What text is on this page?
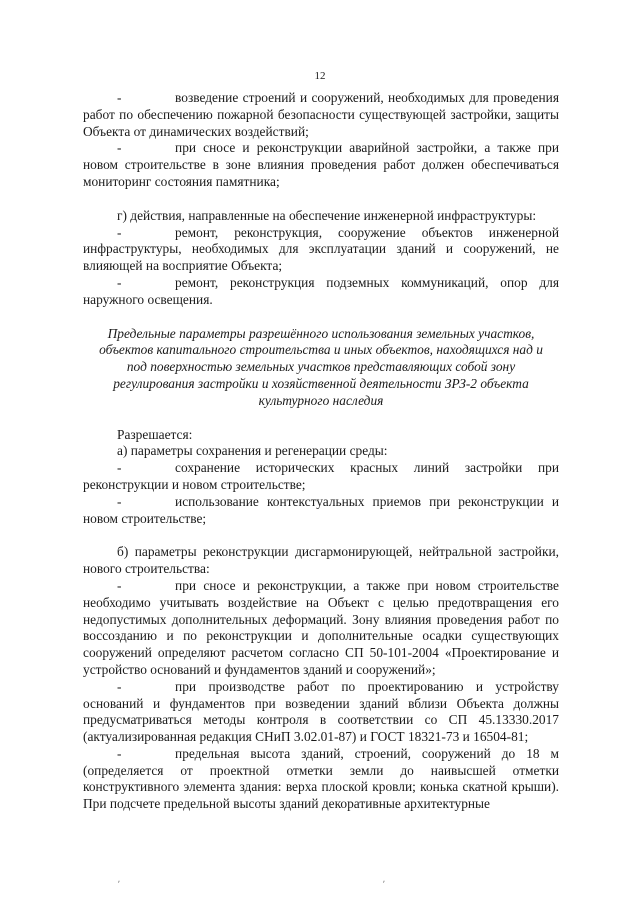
12

-    возведение строений и сооружений, необходимых для проведения работ по обеспечению пожарной безопасности существующей застройки, защиты Объекта от динамических воздействий;

-    при сносе и реконструкции аварийной застройки, а также при новом строительстве в зоне влияния проведения работ должен обеспечиваться мониторинг состояния памятника;

г) действия, направленные на обеспечение инженерной инфраструктуры:

-    ремонт, реконструкция, сооружение объектов инженерной инфраструктуры, необходимых для эксплуатации зданий и сооружений, не влияющей на восприятие Объекта;

-    ремонт, реконструкция подземных коммуникаций, опор для наружного освещения.

Предельные параметры разрешённого использования земельных участков, объектов капитального строительства и иных объектов, находящихся над и под поверхностью земельных участков представляющих собой зону регулирования застройки и хозяйственной деятельности ЗРЗ-2 объекта культурного наследия

Разрешается:

а) параметры сохранения и регенерации среды:

-    сохранение исторических красных линий застройки при реконструкции и новом строительстве;

-    использование контекстуальных приемов при реконструкции и новом строительстве;

б) параметры реконструкции дисгармонирующей, нейтральной застройки, нового строительства:

-    при сносе и реконструкции, а также при новом строительстве необходимо учитывать воздействие на Объект с целью предотвращения его недопустимых дополнительных деформаций. Зону влияния проведения работ по воссозданию и по реконструкции и дополнительные осадки существующих сооружений определяют расчетом согласно СП 50-101-2004 «Проектирование и устройство оснований и фундаментов зданий и сооружений»;

-    при производстве работ по проектированию и устройству оснований и фундаментов при возведении зданий вблизи Объекта должны предусматриваться методы контроля в соответствии со СП 45.13330.2017 (актуализированная редакция СНиП 3.02.01-87) и ГОСТ 18321-73 и 16504-81;

-    предельная высота зданий, строений, сооружений до 18 м (определяется от проектной отметки земли до наивысшей отметки конструктивного элемента здания: верха плоской кровли; конька скатной крыши). При подсчете предельной высоты зданий декоративные архитектурные

ʹ	ʹ
